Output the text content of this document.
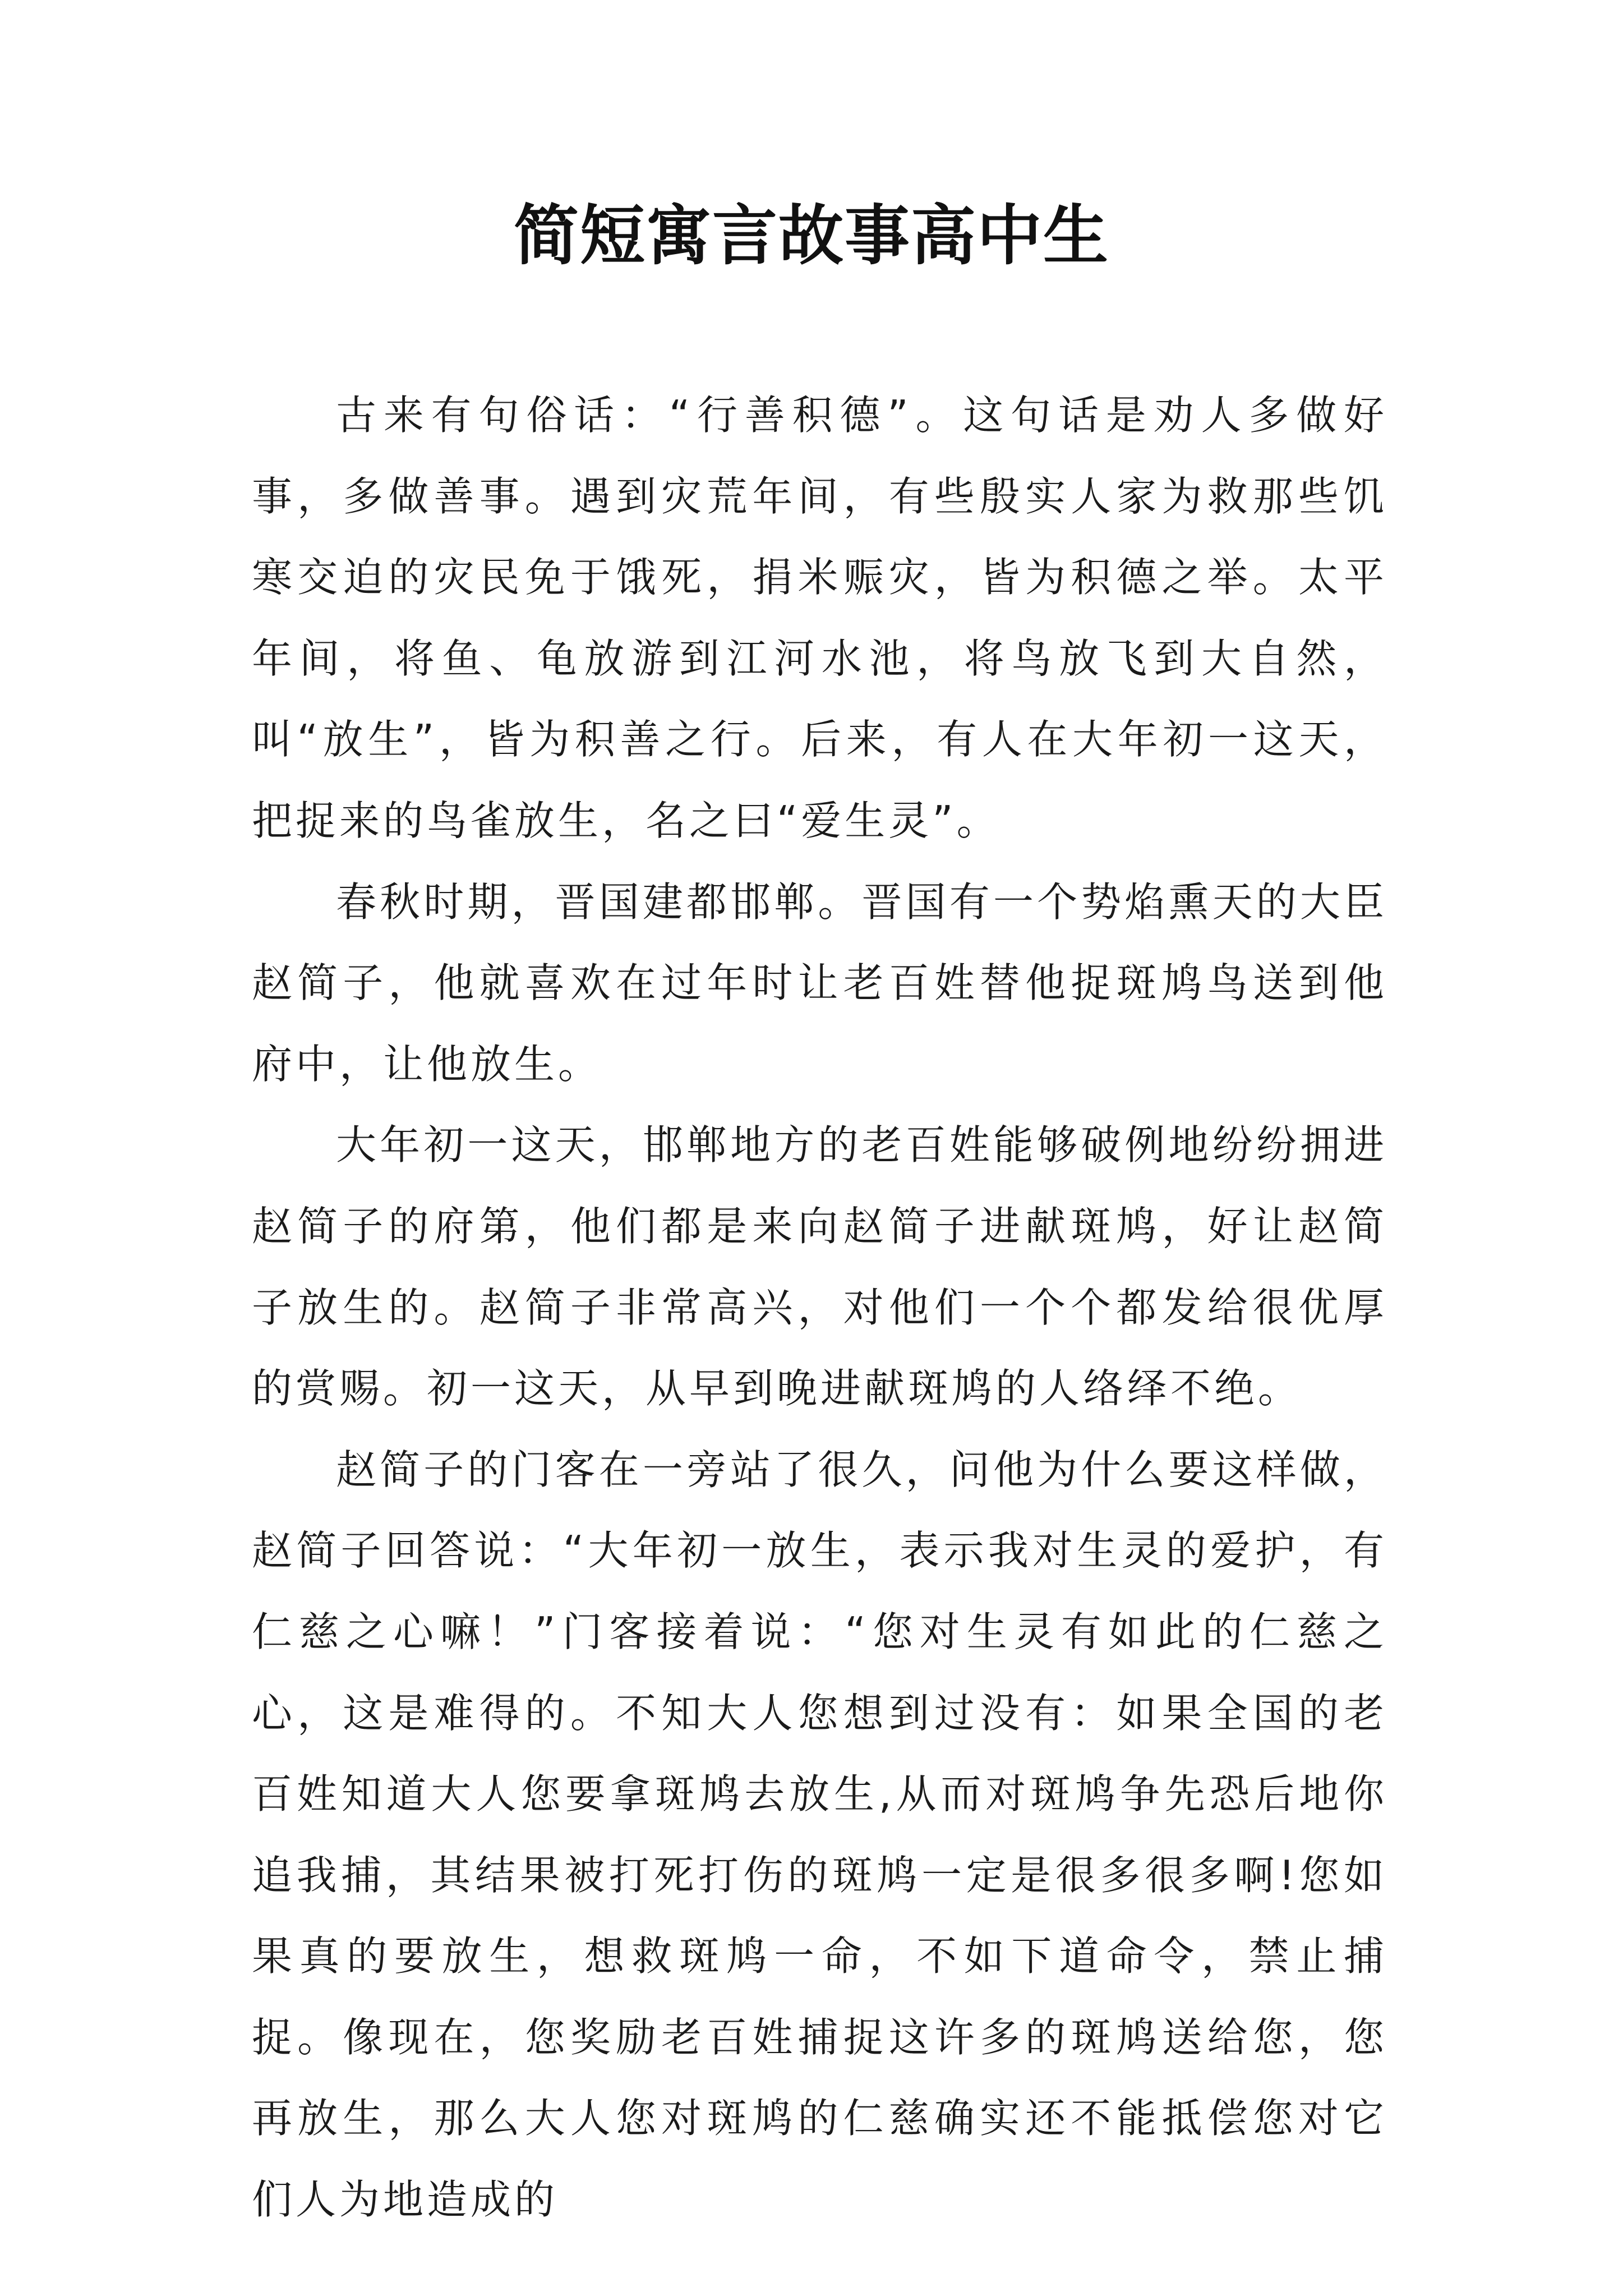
简短寓言故事高中生

古来有句俗话：“行善积德”。这句话是劝人多做好事，多做善事。遇到灾荒年间，有些殷实人家为救那些饥寒交迫的灾民免于饿死，捐米赈灾，皆为积德之举。太平年间，将鱼、龟放游到江河水池，将鸟放飞到大自然，叫“放生”，皆为积善之行。后来，有人在大年初一这天，把捉来的鸟雀放生，名之曰“爱生灵”。

春秋时期，晋国建都邯郸。晋国有一个势焰熏天的大臣赵简子，他就喜欢在过年时让老百姓替他捉斑鸠鸟送到他府中，让他放生。

大年初一这天，邯郸地方的老百姓能够破例地纷纷拥进赵简子的府第，他们都是来向赵简子进献斑鸠，好让赵简子放生的。赵简子非常高兴，对他们一个个都发给很优厚的赏赐。初一这天，从早到晚进献斑鸠的人络绎不绝。

赵简子的门客在一旁站了很久，问他为什么要这样做，赵简子回答说：“大年初一放生，表示我对生灵的爱护，有仁慈之心嘛！”门客接着说：“您对生灵有如此的仁慈之心，这是难得的。不知大人您想到过没有：如果全国的老百姓知道大人您要拿斑鸠去放生,从而对斑鸠争先恐后地你追我捕，其结果被打死打伤的斑鸠一定是很多很多啊!您如果真的要放生，想救斑鸠一命，不如下道命令，禁止捕捉。像现在，您奖励老百姓捕捉这许多的斑鸠送给您，您再放生，那么大人您对斑鸠的仁慈确实还不能抵偿您对它们人为地造成的
